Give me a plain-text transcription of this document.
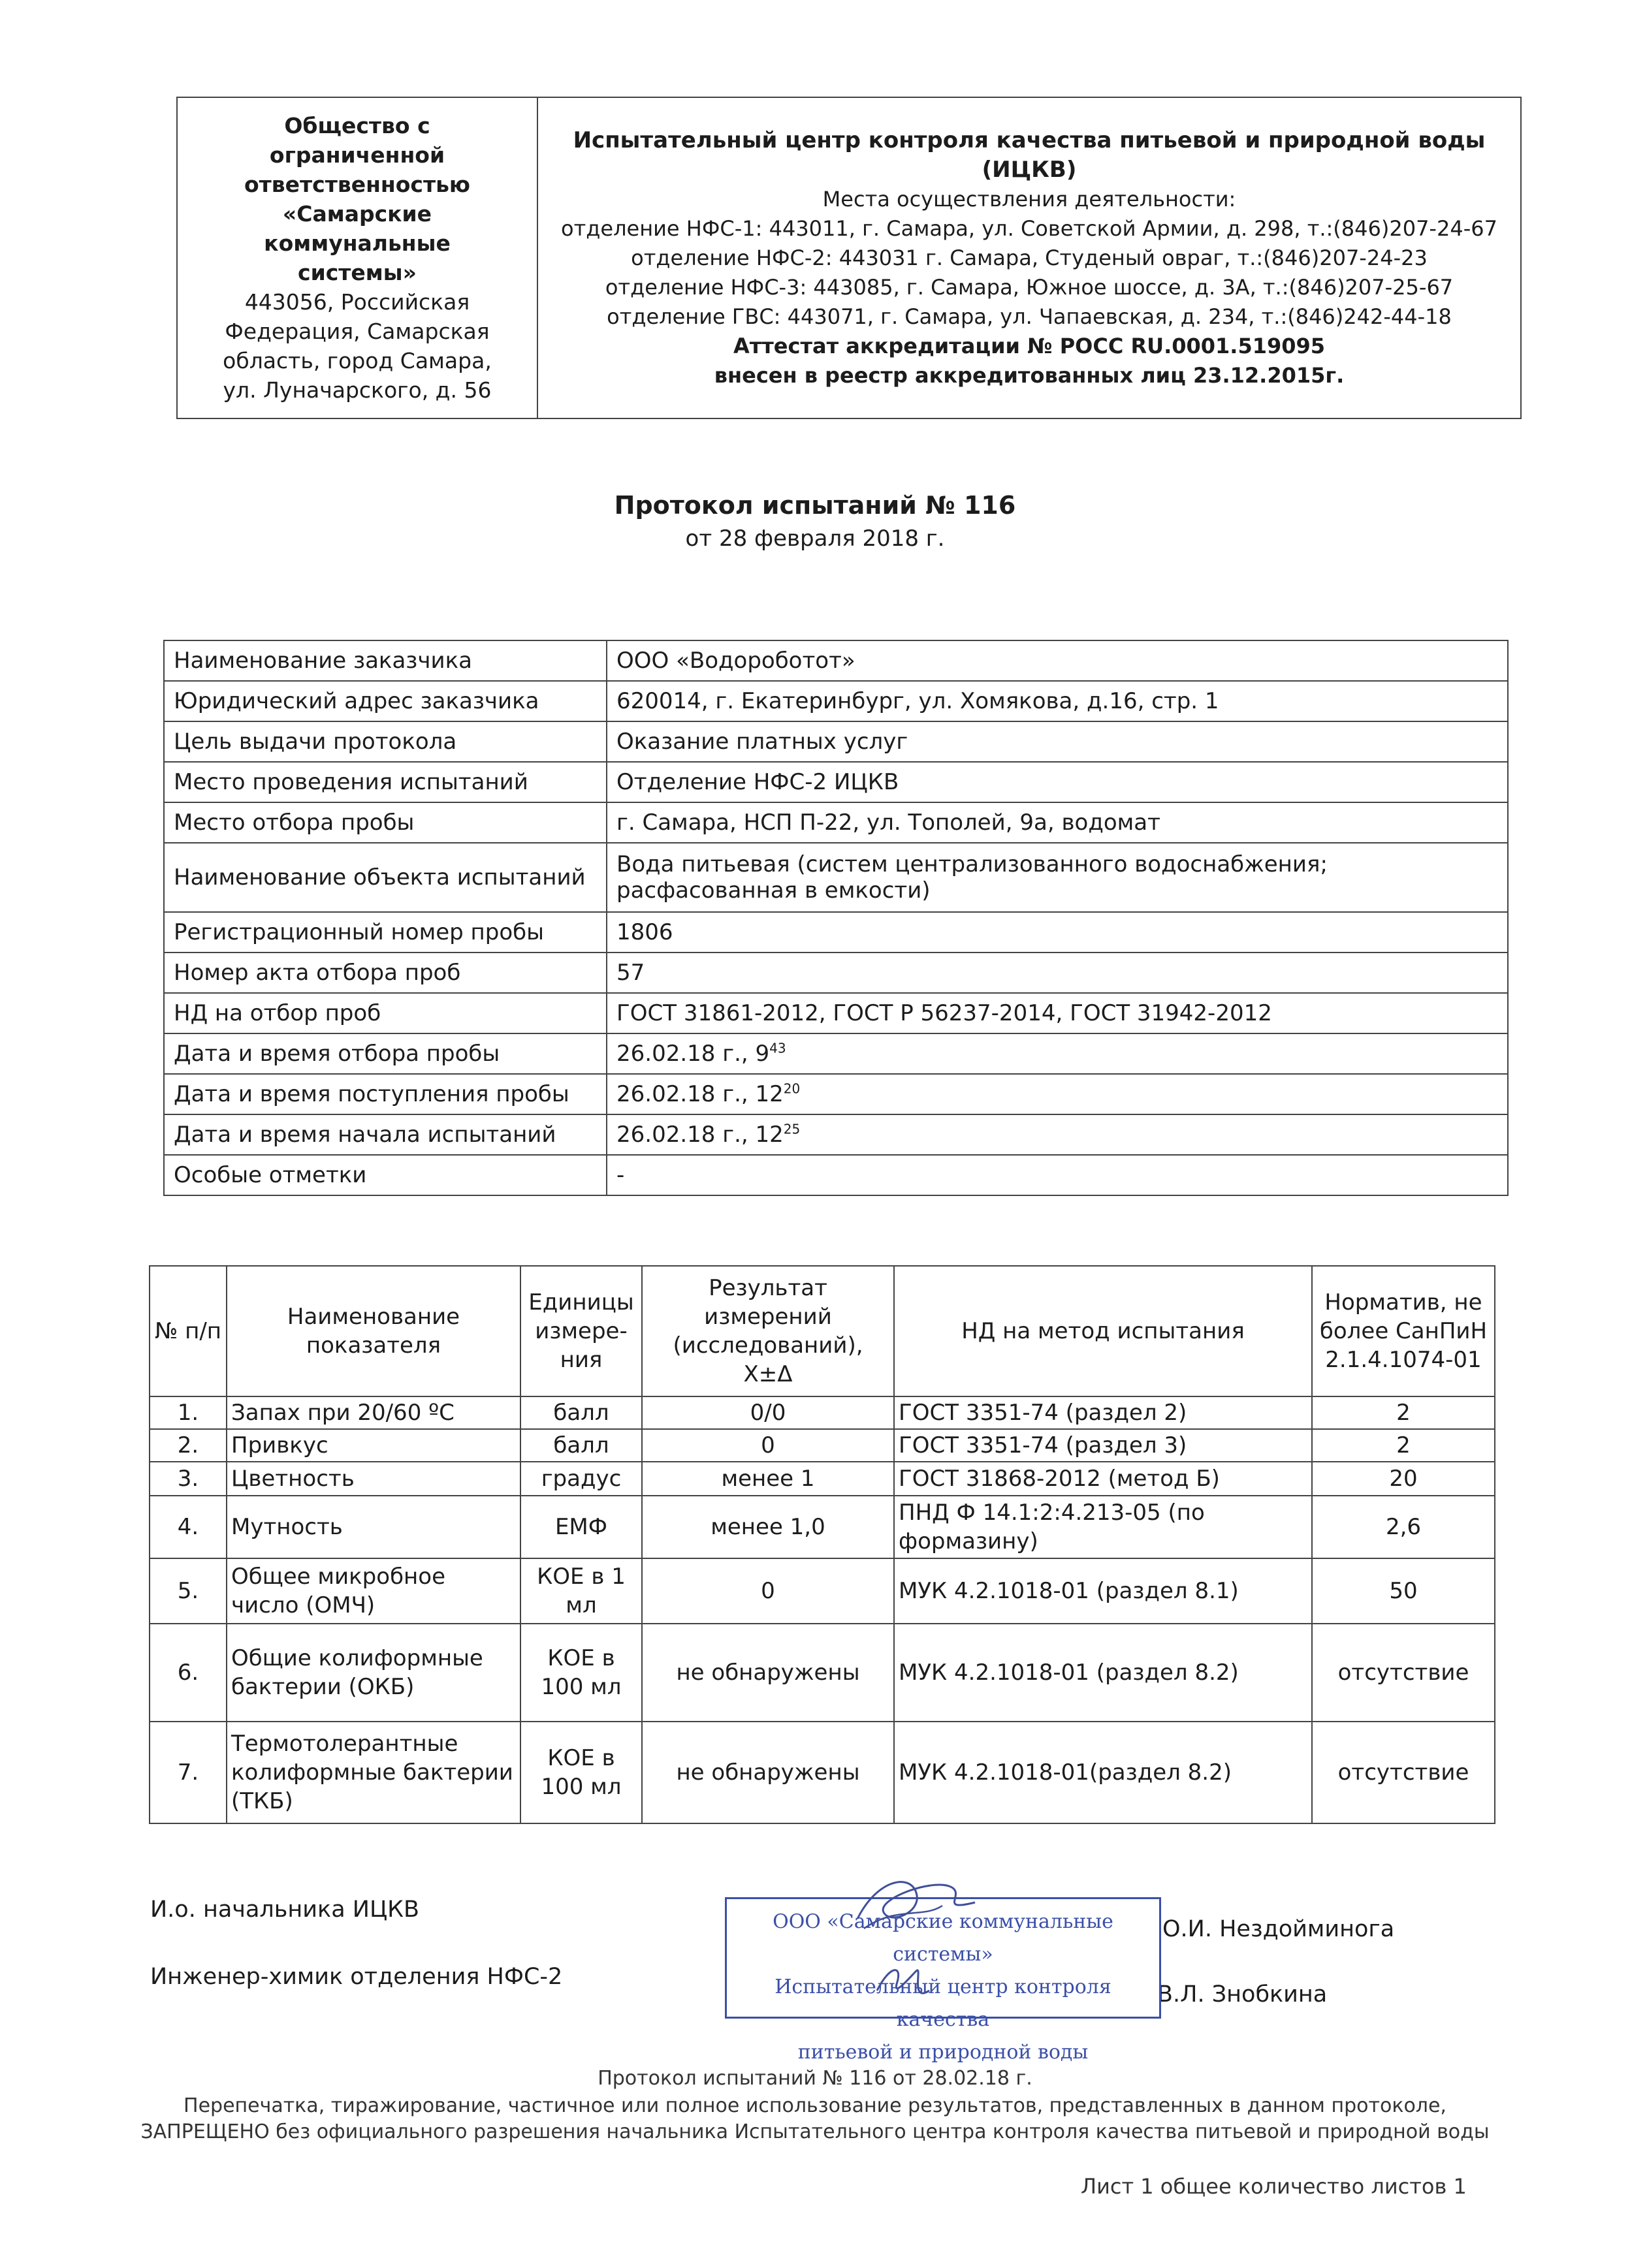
Общество с
ограниченной
ответственностью
«Самарские
коммунальные
системы»
443056, Российская
Федерация, Самарская
область, город Самара,
ул. Луначарского, д. 56

Испытательный центр контроля качества питьевой и природной воды (ИЦКВ)
Места осуществления деятельности:
отделение НФС-1: 443011, г. Самара, ул. Советской Армии, д. 298, т.:(846)207-24-67
отделение НФС-2: 443031 г. Самара, Студеный овраг, т.:(846)207-24-23
отделение НФС-3: 443085, г. Самара, Южное шоссе, д. 3А, т.:(846)207-25-67
отделение ГВС: 443071, г. Самара, ул. Чапаевская, д. 234, т.:(846)242-44-18
Аттестат аккредитации № РОСС RU.0001.519095
внесен в реестр аккредитованных лиц 23.12.2015г.
Протокол испытаний № 116
от 28 февраля 2018 г.
Наименование заказчика	ООО «Водороботот»
Юридический адрес заказчика	620014, г. Екатеринбург, ул. Хомякова, д.16, стр. 1
Цель выдачи протокола	Оказание платных услуг
Место проведения испытаний	Отделение НФС-2 ИЦКВ
Место отбора пробы	г. Самара, НСП П-22, ул. Тополей, 9а, водомат
Наименование объекта испытаний	Вода питьевая (систем централизованного водоснабжения; расфасованная в емкости)
Регистрационный номер пробы	1806
Номер акта отбора проб	57
НД на отбор проб	ГОСТ 31861-2012, ГОСТ Р 56237-2014, ГОСТ 31942-2012
Дата и время отбора пробы	26.02.18 г., $9^{43}$
Дата и время поступления пробы	26.02.18 г., $12^{20}$
Дата и время начала испытаний	26.02.18 г., $12^{25}$
Особые отметки	-
№ п/п	Наименование показателя	Единицы измере-ния	Результат измерений (исследований), X±Δ	НД на метод испытания	Норматив, не более СанПиН 2.1.4.1074-01
1.	Запах при 20/60 ºС	балл	0/0	ГОСТ 3351-74 (раздел 2)	2
2.	Привкус	балл	0	ГОСТ 3351-74 (раздел 3)	2
3.	Цветность	градус	менее 1	ГОСТ 31868-2012 (метод Б)	20
4.	Мутность	ЕМФ	менее 1,0	ПНД Ф 14.1:2:4.213-05 (по формазину)	2,6
5.	Общее микробное число (ОМЧ)	КОЕ в 1 мл	0	МУК 4.2.1018-01 (раздел 8.1)	50
6.	Общие колиформные бактерии (ОКБ)	КОЕ в 100 мл	не обнаружены	МУК 4.2.1018-01 (раздел 8.2)	отсутствие
7.	Термотолерантные колиформные бактерии (ТКБ)	КОЕ в 100 мл	не обнаружены	МУК 4.2.1018-01(раздел 8.2)	отсутствие
И.о. начальника ИЦКВ
О.И. Нездойминога
Инженер-химик отделения НФС-2
В.Л. Знобкина
ООО «Самарские коммунальные системы»
Испытательный центр контроля качества
питьевой и природной воды
Протокол испытаний № 116 от 28.02.18 г.
Перепечатка, тиражирование, частичное или полное использование результатов, представленных в данном протоколе,
ЗАПРЕЩЕНО без официального разрешения начальника Испытательного центра контроля качества питьевой и природной воды
Лист 1 общее количество листов 1
